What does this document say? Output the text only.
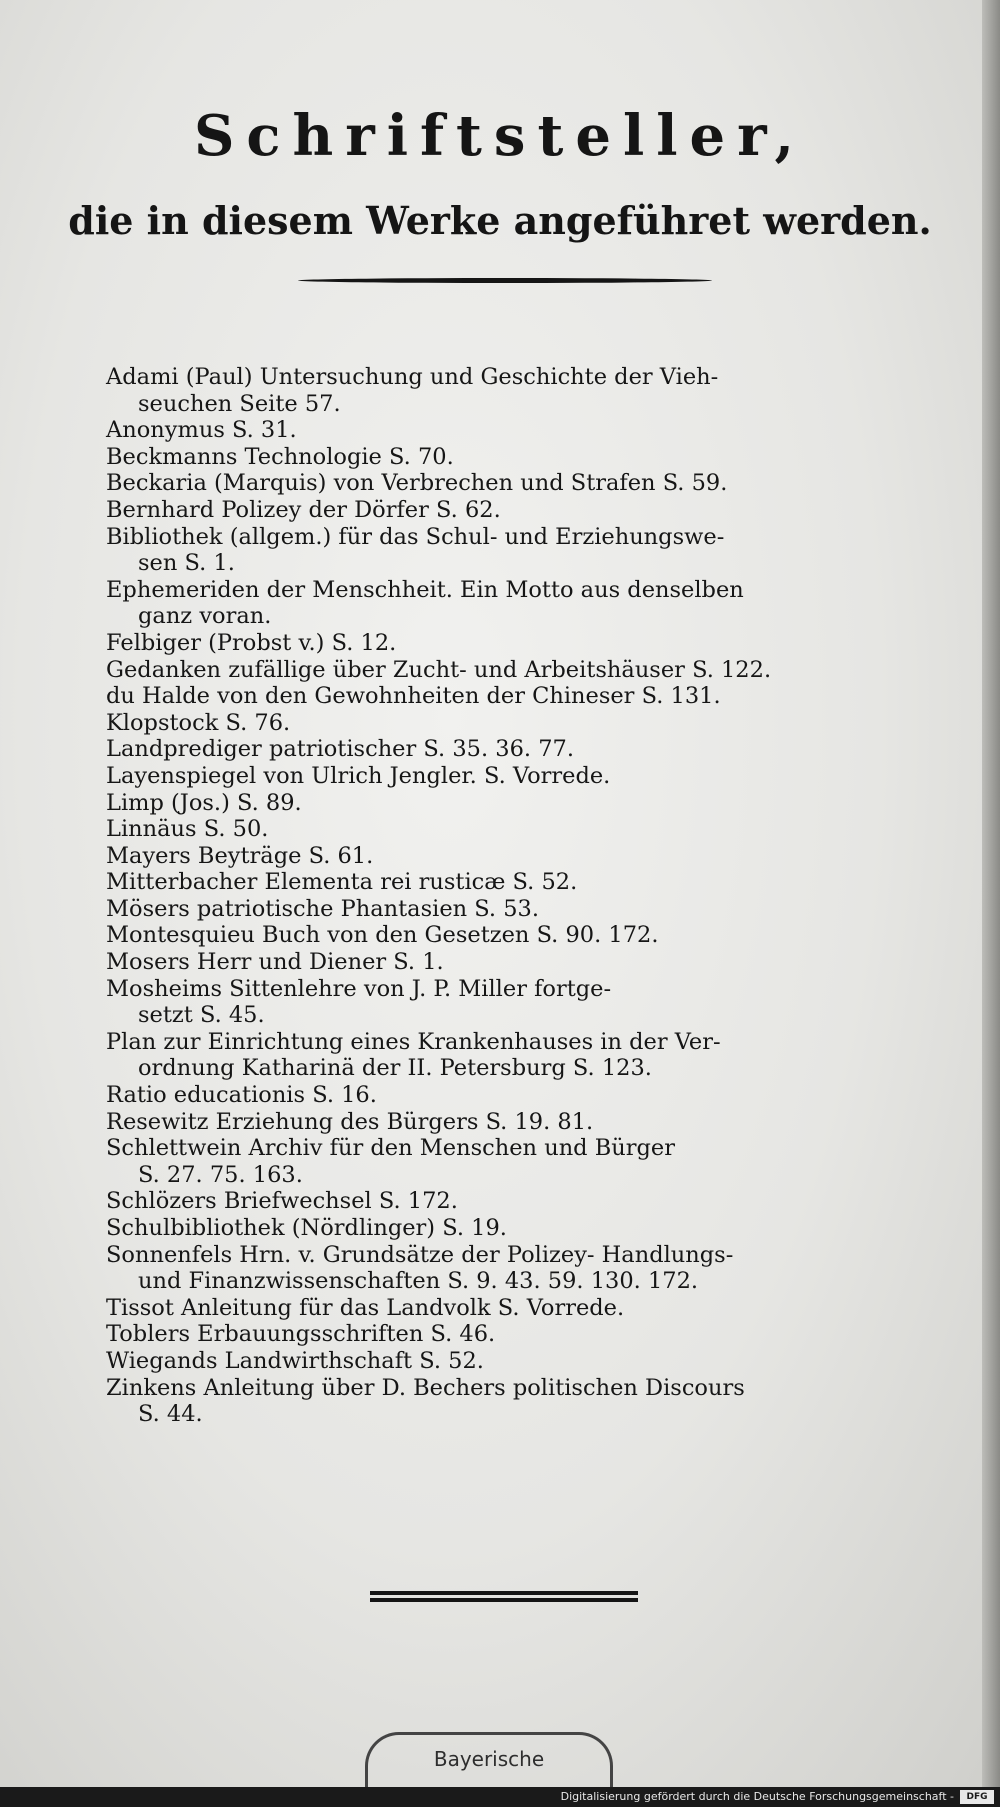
Schriftsteller,
die in diesem Werke angeführet werden.
Adami (Paul) Untersuchung und Geschichte der Vieh-
seuchen Seite 57.
Anonymus S. 31.
Beckmanns Technologie S. 70.
Beckaria (Marquis) von Verbrechen und Strafen S. 59.
Bernhard Polizey der Dörfer S. 62.
Bibliothek (allgem.) für das Schul- und Erziehungswe-
sen S. 1.
Ephemeriden der Menschheit. Ein Motto aus denselben
ganz voran.
Felbiger (Probst v.) S. 12.
Gedanken zufällige über Zucht- und Arbeitshäuser S. 122.
du Halde von den Gewohnheiten der Chineser S. 131.
Klopstock S. 76.
Landprediger patriotischer S. 35. 36. 77.
Layenspiegel von Ulrich Jengler. S. Vorrede.
Limp (Jos.) S. 89.
Linnäus S. 50.
Mayers Beyträge S. 61.
Mitterbacher Elementa rei rusticæ S. 52.
Mösers patriotische Phantasien S. 53.
Montesquieu Buch von den Gesetzen S. 90. 172.
Mosers Herr und Diener S. 1.
Mosheims Sittenlehre von J. P. Miller fortge-
setzt S. 45.
Plan zur Einrichtung eines Krankenhauses in der Ver-
ordnung Katharinä der II. Petersburg S. 123.
Ratio educationis S. 16.
Resewitz Erziehung des Bürgers S. 19. 81.
Schlettwein Archiv für den Menschen und Bürger
S. 27. 75. 163.
Schlözers Briefwechsel S. 172.
Schulbibliothek (Nördlinger) S. 19.
Sonnenfels Hrn. v. Grundsätze der Polizey- Handlungs-
und Finanzwissenschaften S. 9. 43. 59. 130. 172.
Tissot Anleitung für das Landvolk S. Vorrede.
Toblers Erbauungsschriften S. 46.
Wiegands Landwirthschaft S. 52.
Zinkens Anleitung über D. Bechers politischen Discours
S. 44.
Bayerische
Digitalisierung gefördert durch die Deutsche Forschungsgemeinschaft -	DFG
